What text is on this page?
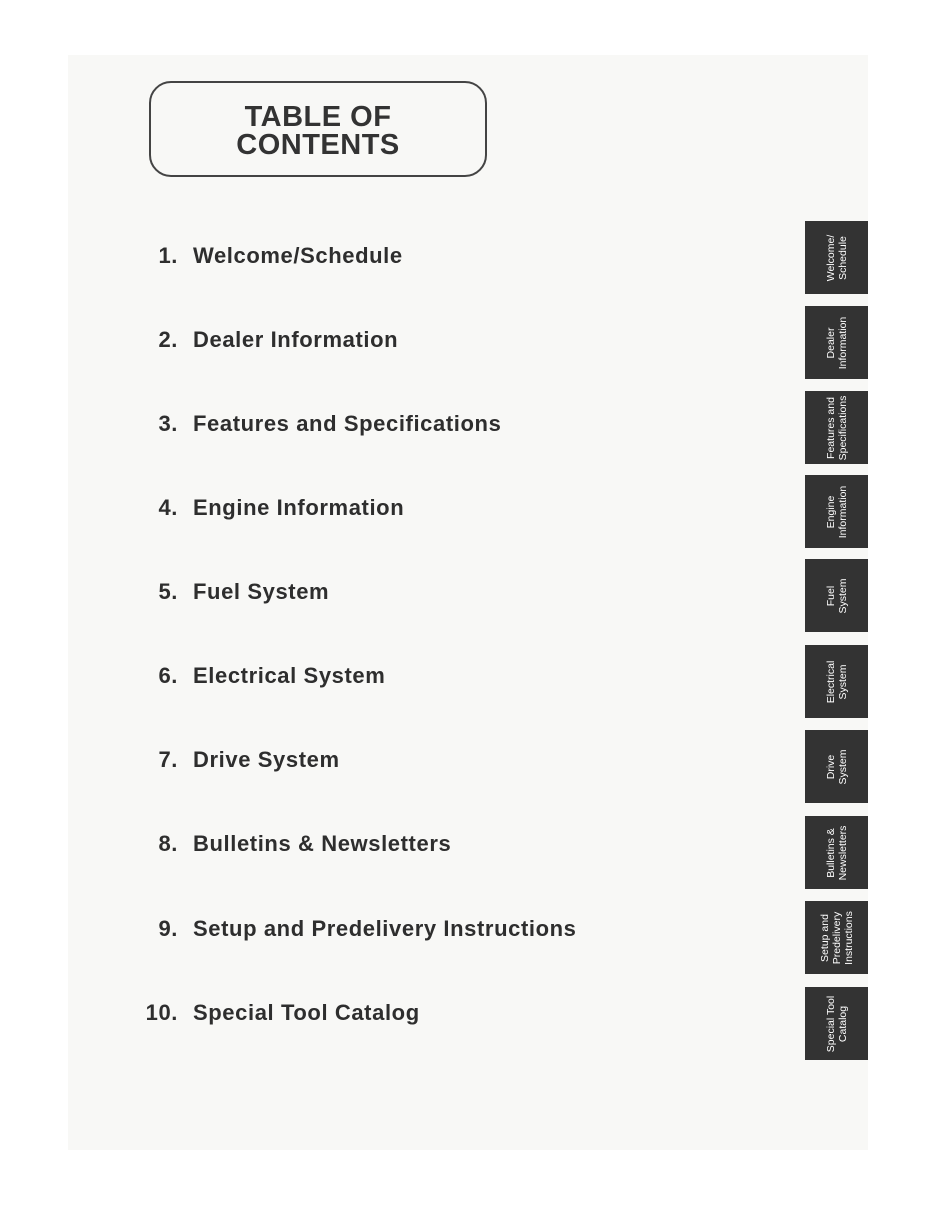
TABLE OF
CONTENTS
1. Welcome/Schedule
2. Dealer Information
3. Features and Specifications
4. Engine Information
5. Fuel System
6. Electrical System
7. Drive System
8. Bulletins & Newsletters
9. Setup and Predelivery Instructions
10. Special Tool Catalog
Welcome/ Schedule
Dealer Information
Features and Specifications
Engine Information
Fuel System
Electrical System
Drive System
Bulletins & Newsletters
Setup and Predelivery Instructions
Special Tool Catalog
